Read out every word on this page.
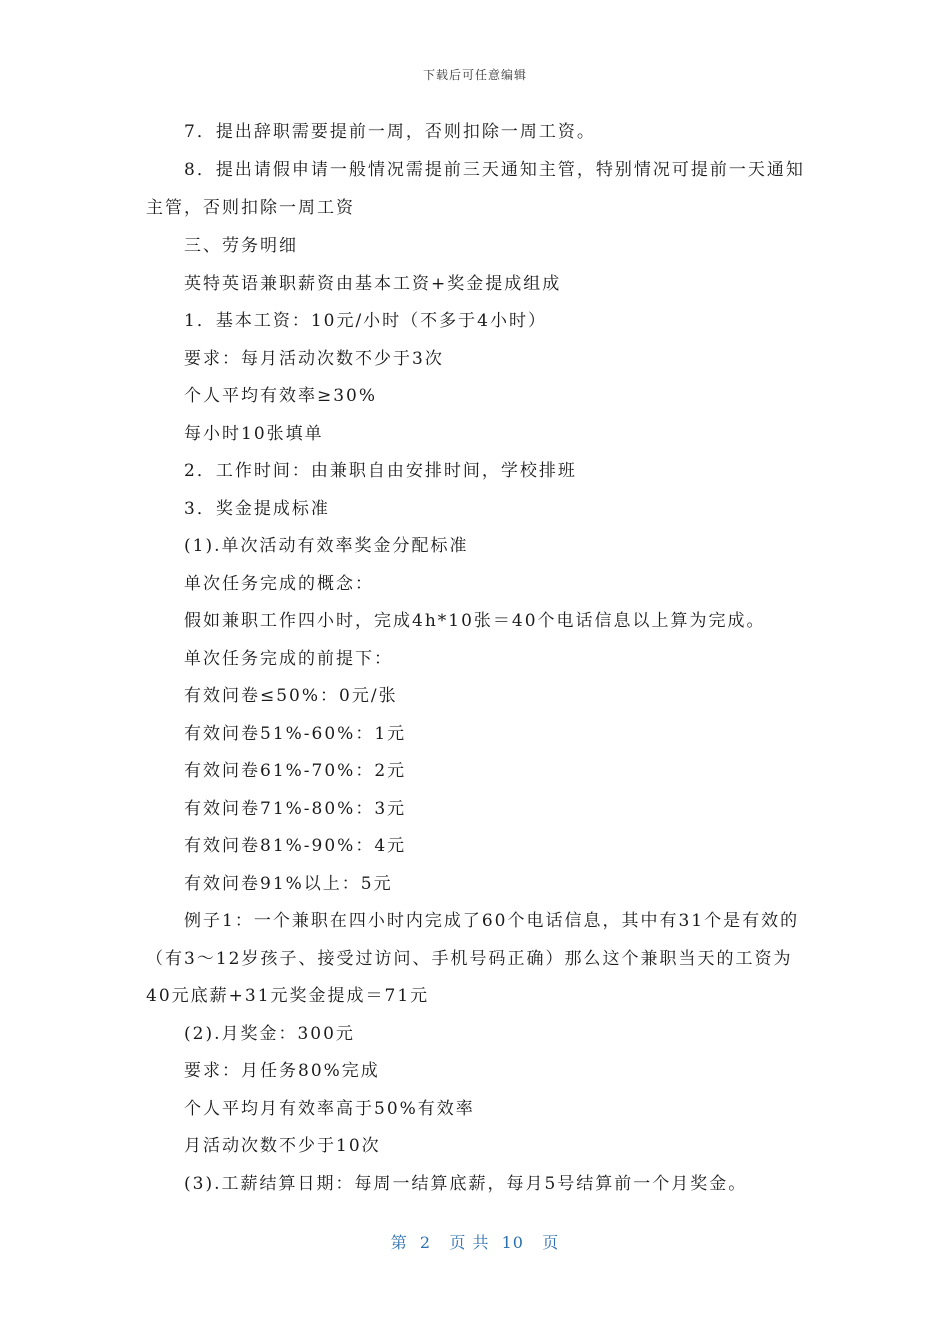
下载后可任意编辑
7．提出辞职需要提前一周，否则扣除一周工资。
8．提出请假申请一般情况需提前三天通知主管，特别情况可提前一天通知
主管，否则扣除一周工资
三、劳务明细
英特英语兼职薪资由基本工资+奖金提成组成
1．基本工资：10元/小时（不多于4小时）
要求：每月活动次数不少于3次
个人平均有效率≥30%
每小时10张填单
2．工作时间：由兼职自由安排时间，学校排班
3．奖金提成标准
(1).单次活动有效率奖金分配标准
单次任务完成的概念：
假如兼职工作四小时，完成4h*10张＝40个电话信息以上算为完成。
单次任务完成的前提下：
有效问卷≤50%：0元/张
有效问卷51%-60%：1元
有效问卷61%-70%：2元
有效问卷71%-80%：3元
有效问卷81%-90%：4元
有效问卷91%以上：5元
例子1：一个兼职在四小时内完成了60个电话信息，其中有31个是有效的
（有3～12岁孩子、接受过访问、手机号码正确）那么这个兼职当天的工资为
40元底薪+31元奖金提成＝71元
(2).月奖金：300元
要求：月任务80%完成
个人平均月有效率高于50%有效率
月活动次数不少于10次
(3).工薪结算日期：每周一结算底薪，每月5号结算前一个月奖金。
第  2   页 共  10   页
